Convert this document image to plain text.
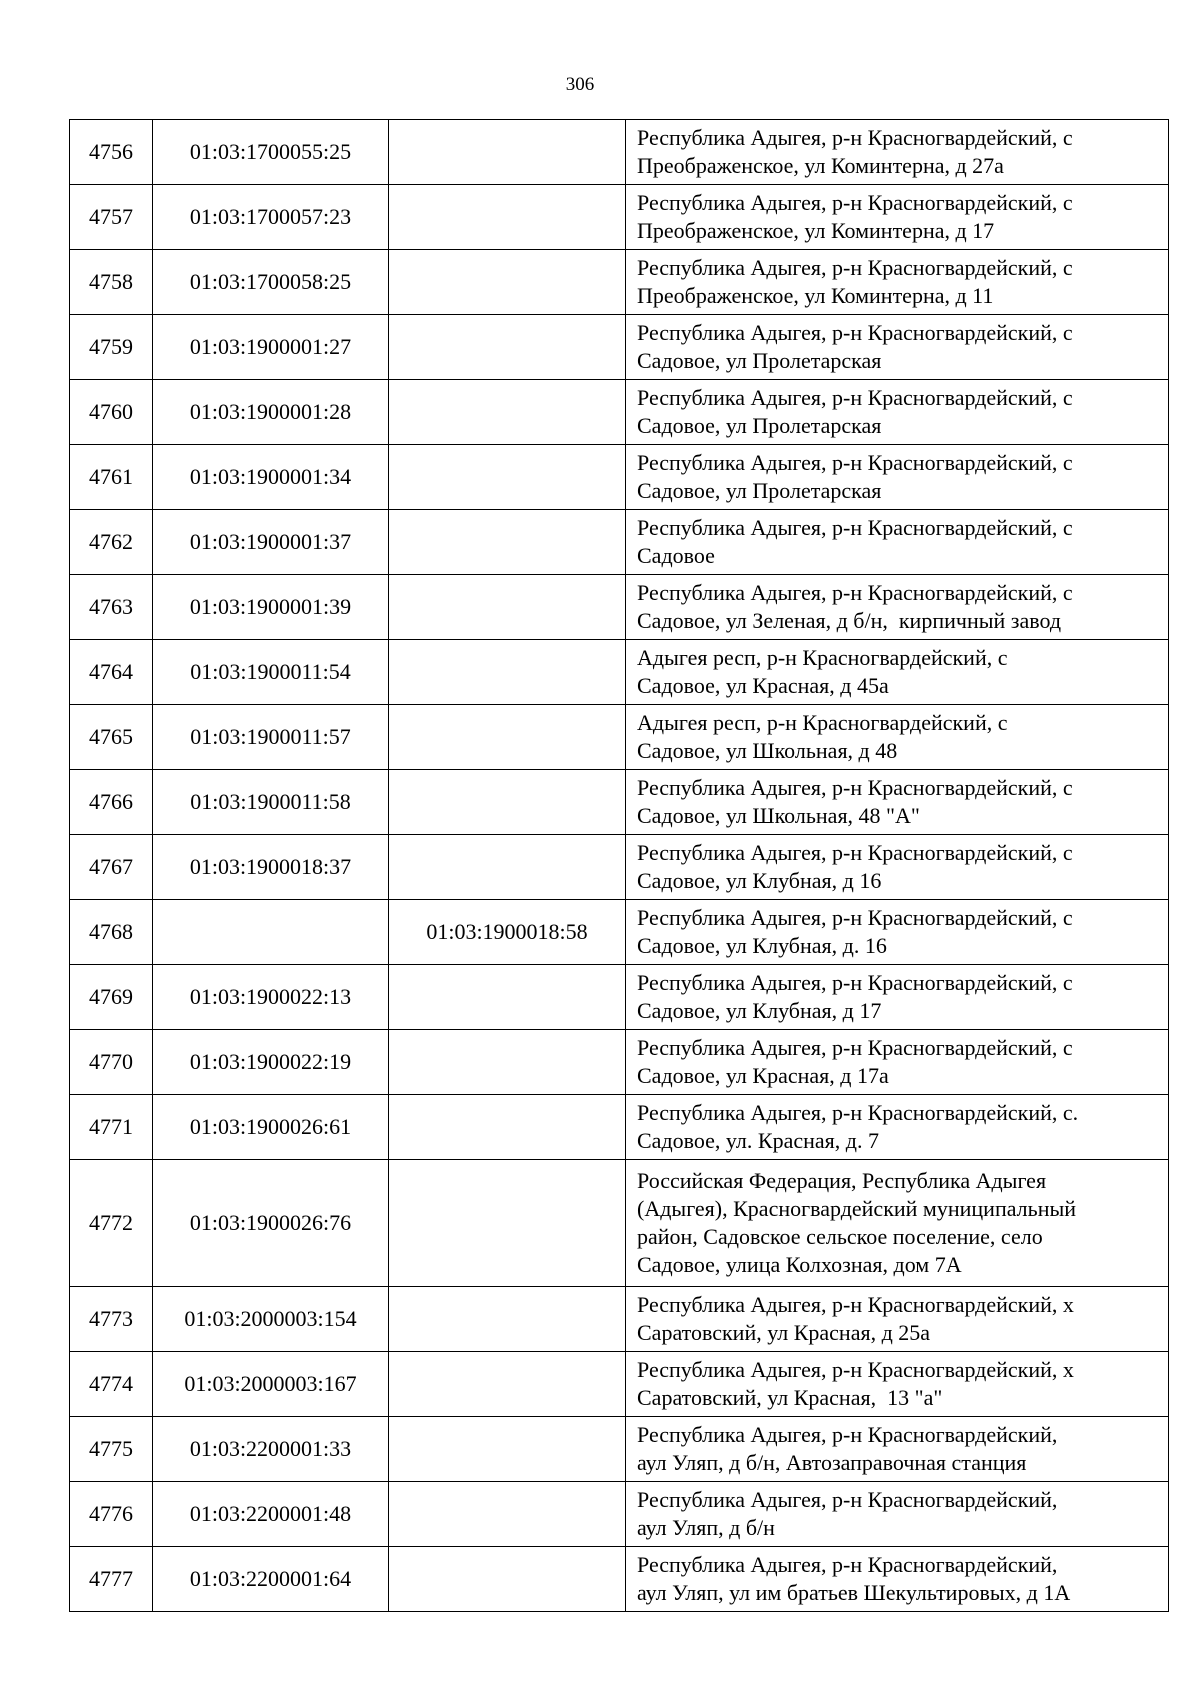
306
4756	01:03:1700055:25		Республика Адыгея, р-н Красногвардейский, с
Преображенское, ул Коминтерна, д 27а

4757	01:03:1700057:23		Республика Адыгея, р-н Красногвардейский, с
Преображенское, ул Коминтерна, д 17

4758	01:03:1700058:25		Республика Адыгея, р-н Красногвардейский, с
Преображенское, ул Коминтерна, д 11

4759	01:03:1900001:27		Республика Адыгея, р-н Красногвардейский, с
Садовое, ул Пролетарская

4760	01:03:1900001:28		Республика Адыгея, р-н Красногвардейский, с
Садовое, ул Пролетарская

4761	01:03:1900001:34		Республика Адыгея, р-н Красногвардейский, с
Садовое, ул Пролетарская

4762	01:03:1900001:37		Республика Адыгея, р-н Красногвардейский, с
Садовое

4763	01:03:1900001:39		Республика Адыгея, р-н Красногвардейский, с
Садовое, ул Зеленая, д б/н,  кирпичный завод

4764	01:03:1900011:54		Адыгея респ, р-н Красногвардейский, с
Садовое, ул Красная, д 45а

4765	01:03:1900011:57		Адыгея респ, р-н Красногвардейский, с
Садовое, ул Школьная, д 48

4766	01:03:1900011:58		Республика Адыгея, р-н Красногвардейский, с
Садовое, ул Школьная, 48 "А"

4767	01:03:1900018:37		Республика Адыгея, р-н Красногвардейский, с
Садовое, ул Клубная, д 16

4768		01:03:1900018:58	Республика Адыгея, р-н Красногвардейский, с
Садовое, ул Клубная, д. 16

4769	01:03:1900022:13		Республика Адыгея, р-н Красногвардейский, с
Садовое, ул Клубная, д 17

4770	01:03:1900022:19		Республика Адыгея, р-н Красногвардейский, с
Садовое, ул Красная, д 17а

4771	01:03:1900026:61		Республика Адыгея, р-н Красногвардейский, с.
Садовое, ул. Красная, д. 7

4772	01:03:1900026:76		Российская Федерация, Республика Адыгея
(Адыгея), Красногвардейский муниципальный
район, Садовское сельское поселение, село
Садовое, улица Колхозная, дом 7А

4773	01:03:2000003:154		Республика Адыгея, р-н Красногвардейский, х
Саратовский, ул Красная, д 25а

4774	01:03:2000003:167		Республика Адыгея, р-н Красногвардейский, х
Саратовский, ул Красная,  13 "а"

4775	01:03:2200001:33		Республика Адыгея, р-н Красногвардейский,
аул Уляп, д б/н, Автозаправочная станция

4776	01:03:2200001:48		Республика Адыгея, р-н Красногвардейский,
аул Уляп, д б/н

4777	01:03:2200001:64		Республика Адыгея, р-н Красногвардейский,
аул Уляп, ул им братьев Шекультировых, д 1А
